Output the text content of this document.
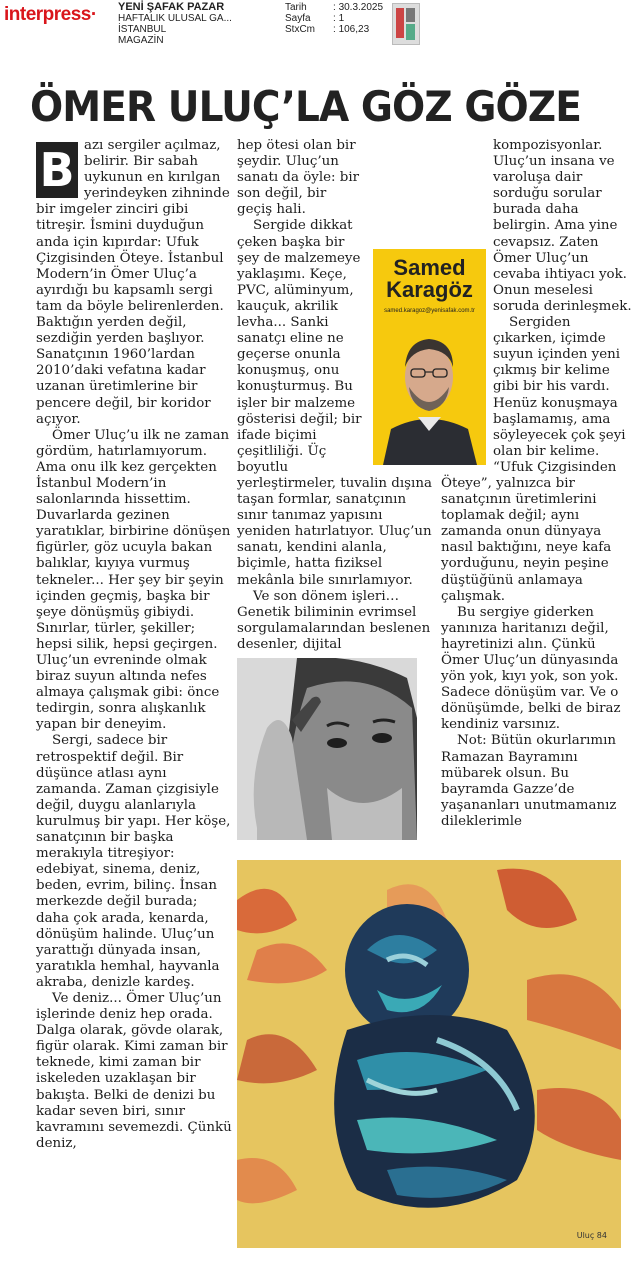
interpress· YENİ ŞAFAK PAZAR
HAFTALIK ULUSAL GA...
İSTANBUL
MAGAZİN
Tarih	: 30.3.2025
Sayfa : 1
StxCm : 106,23
ÖMER ULUÇ’LA GÖZ GÖZE
B azı sergiler açılmaz, belirir. Bir sabah uykunun en kırılgan yerindeyken zihninde bir imgeler zinciri gibi titreşir. İsmini duyduğun anda için kıpırdar: Ufuk Çizgisinden Öteye. İstanbul Modern’in Ömer Uluç’a ayırdığı bu kapsamlı sergi tam da böyle belirenlerden. Baktığın yerden değil, sezdiğin yerden başlıyor. Sanatçının 1960’lardan 2010’daki vefatına kadar uzanan üretimlerine bir pencere değil, bir koridor açıyor.

Ömer Uluç’u ilk ne zaman gördüm, hatırlamıyorum. Ama onu ilk kez gerçekten İstanbul Modern’in salonlarında hissettim. Duvarlarda gezinen yaratıklar, birbirine dönüşen figürler, göz ucuyla bakan balıklar, kıyıya vurmuş tekneler... Her şey bir şeyin içinden geçmiş, başka bir şeye dönüşmüş gibiydi. Sınırlar, türler, şekiller; hepsi silik, hepsi geçirgen. Uluç’un evreninde olmak biraz suyun altında nefes almaya çalışmak gibi: önce tedirgin, sonra alışkanlık yapan bir deneyim.

Sergi, sadece bir retrospektif değil. Bir düşünce atlası aynı zamanda. Zaman çizgisiyle değil, duygu alanlarıyla kurulmuş bir yapı. Her köşe, sanatçının bir başka merakıyla titreşiyor: edebiyat, sinema, deniz, beden, evrim, bilinç. İnsan merkezde değil burada; daha çok arada, kenarda, dönüşüm halinde. Uluç’un yarattığı dünyada insan, yaratıkla hemhal, hayvanla akraba, denizle kardeş.

Ve deniz... Ömer Uluç’un işlerinde deniz hep orada. Dalga olarak, gövde olarak, figür olarak. Kimi zaman bir teknede, kimi zaman bir iskeleden uzaklaşan bir bakışta. Belki de denizi bu kadar seven biri, sınır kavramını sevemezdi. Çünkü deniz,

hep ötesi olan bir şeydir. Uluç’un sanatı da öyle: bir son değil, bir geçiş hali.

Sergide dikkat çeken başka bir şey de malzemeye yaklaşımı. Keçe, PVC, alüminyum, kauçuk, akrilik levha... Sanki sanatçı eline ne geçerse onunla konuşmuş, onu konuşturmuş. Bu işler bir malzeme gösterisi değil; bir ifade biçimi çeşitliliği. Üç boyutlu yerleştirmeler, tuvalin dışına taşan formlar, sanatçının sınır tanımaz yapısını yeniden hatırlatıyor. Uluç’un sanatı, kendini alanla, biçimle, hatta fiziksel mekânla bile sınırlamıyor.

Ve son dönem işleri… Genetik biliminin evrimsel sorgulamalarından beslenen desenler, dijital

kompozisyonlar. Uluç’un insana ve varoluşa dair sorduğu sorular burada daha belirgin. Ama yine cevapsız. Zaten Ömer Uluç’un cevaba ihtiyacı yok. Onun meselesi soruda derinleşmek.

Sergiden çıkarken, içimde suyun içinden yeni çıkmış bir kelime gibi bir his vardı. Henüz konuşmaya başlamamış, ama söyleyecek çok şeyi olan bir kelime. “Ufuk Çizgisinden Öteye”, yalnızca bir sanatçının üretimlerini toplamak değil; aynı zamanda onun dünyaya nasıl baktığını, neye kafa yorduğunu, neyin peşine düştüğünü anlamaya çalışmak.

Bu sergiye giderken yanınıza haritanızı değil, hayretinizi alın. Çünkü Ömer Uluç’un dünyasında yön yok, kıyı yok, son yok. Sadece dönüşüm var. Ve o dönüşümde, belki de biraz kendiniz varsınız.

Not: Bütün okurlarımın Ramazan Bayramını mübarek olsun. Bu bayramda Gazze’de yaşananları unutmamanız dileklerimle

Samed
Karagöz
samed.karagoz@yenisafak.com.tr
Uluç 84
